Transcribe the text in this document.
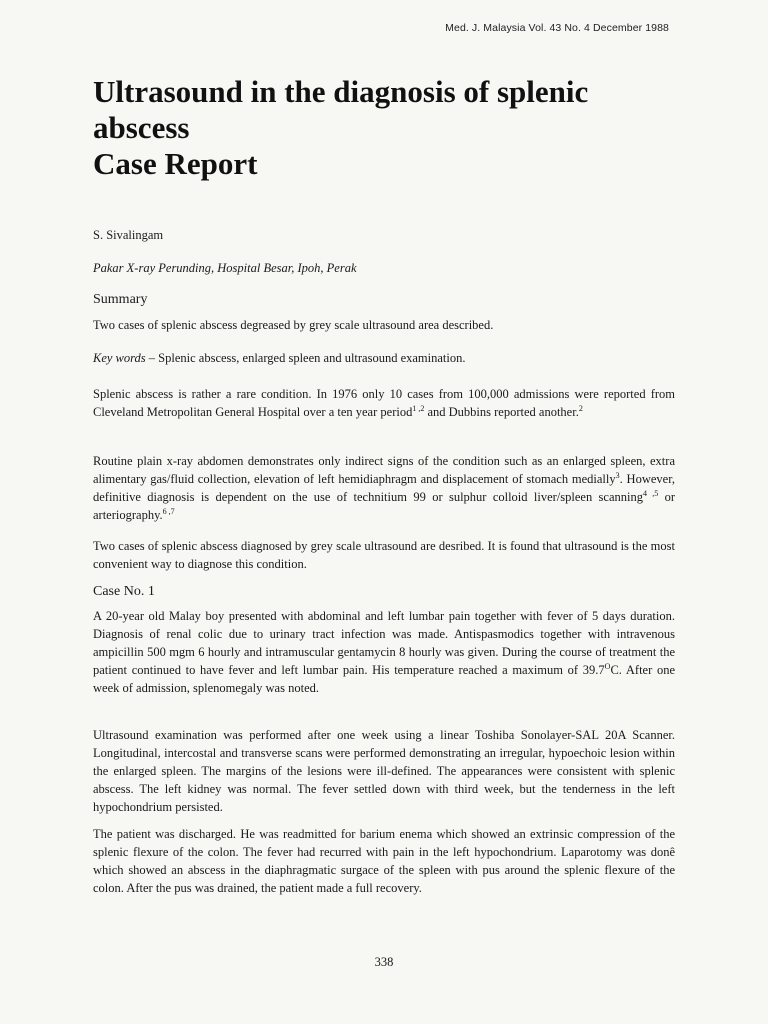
Med. J. Malaysia Vol. 43 No. 4 December 1988
Ultrasound in the diagnosis of splenic
abscess
Case Report

S. Sivalingam

Pakar X-ray Perunding, Hospital Besar, Ipoh, Perak

Summary

Two cases of splenic abscess degreased by grey scale ultrasound area described.

Key words – Splenic abscess, enlarged spleen and ultrasound examination.

Splenic abscess is rather a rare condition. In 1976 only 10 cases from 100,000 admissions were reported from Cleveland Metropolitan General Hospital over a ten year period$^{1 ,2}$ and Dubbins reported another.$^2$

Routine plain x-ray abdomen demonstrates only indirect signs of the condition such as an enlarged spleen, extra alimentary gas/fluid collection, elevation of left hemidiaphragm and displacement of stomach medially$^3$. However, definitive diagnosis is dependent on the use of technitium 99 or sulphur colloid liver/spleen scanning$^{4 ,5}$ or arteriography.$^{6 ,7}$

Two cases of splenic abscess diagnosed by grey scale ultrasound are desribed. It is found that ultrasound is the most convenient way to diagnose this condition.

Case No. 1

A 20-year old Malay boy presented with abdominal and left lumbar pain together with fever of 5 days duration. Diagnosis of renal colic due to urinary tract infection was made. Antispasmodics together with intravenous ampicillin 500 mgm 6 hourly and intramuscular gentamycin 8 hourly was given. During the course of treatment the patient continued to have fever and left lumbar pain. His temperature reached a maximum of $39.7^OC$. After one week of admission, splenomegaly was noted.

Ultrasound examination was performed after one week using a linear Toshiba Sonolayer-SAL 20A Scanner. Longitudinal, intercostal and transverse scans were performed demonstrating an irregular, hypoechoic lesion within the enlarged spleen. The margins of the lesions were ill-defined. The appearances were consistent with splenic abscess. The left kidney was normal. The fever settled down with third week, but the tenderness in the left hypochondrium persisted.

The patient was discharged. He was readmitted for barium enema which showed an extrinsic compression of the splenic flexure of the colon. The fever had recurred with pain in the left hypochondrium. Laparotomy was donê which showed an abscess in the diaphragmatic surgace of the spleen with pus around the splenic flexure of the colon. After the pus was drained, the patient made a full recovery.

338
